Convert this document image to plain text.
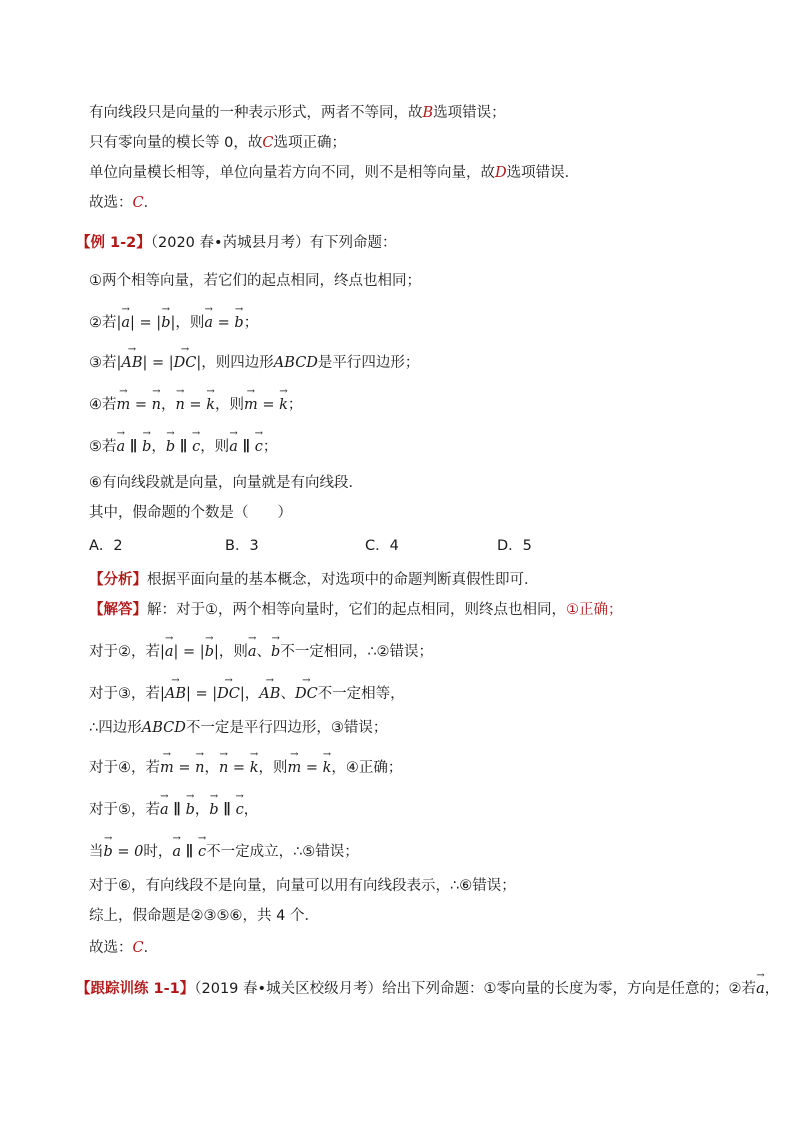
有向线段只是向量的一种表示形式，两者不等同，故B选项错误；
只有零向量的模长等 0，故C选项正确；
单位向量模长相等，单位向量若方向不同，则不是相等向量，故D选项错误．
故选：C．
【例 1-2】（2020 春•芮城县月考）有下列命题：
①两个相等向量，若它们的起点相同，终点也相同；
②若|→ a| = |→ b|，则→ a = → b；
③若|→ AB| = |→ DC|，则四边形ABCD是平行四边形；
④若→ m = → n，→ n = → k，则→ m = → k；
⑤若→ a ∥ → b，→ b ∥ → c，则→ a ∥ → c；
⑥有向线段就是向量，向量就是有向线段．
其中，假命题的个数是（　　）
A．2	B．3	C．4	D．5
【分析】根据平面向量的基本概念，对选项中的命题判断真假性即可．
【解答】解：对于①，两个相等向量时，它们的起点相同，则终点也相同，①正确；
对于②，若|→ a| = |→ b|，则→ a、→ b不一定相同，∴②错误；
对于③，若|→ AB| = |→ DC|，→ AB、→ DC不一定相等，
∴四边形ABCD不一定是平行四边形，③错误；
对于④，若→ m = → n，→ n = → k，则→ m = → k，④正确；
对于⑤，若→ a ∥ → b，→ b ∥ → c，
当→ b = 0时，→ a ∥ → c不一定成立，∴⑤错误；
对于⑥，有向线段不是向量，向量可以用有向线段表示，∴⑥错误；
综上，假命题是②③⑤⑥，共 4 个．
故选：C．
【跟踪训练 1-1】（2019 春•城关区校级月考）给出下列命题：①零向量的长度为零，方向是任意的；②若→ a，
